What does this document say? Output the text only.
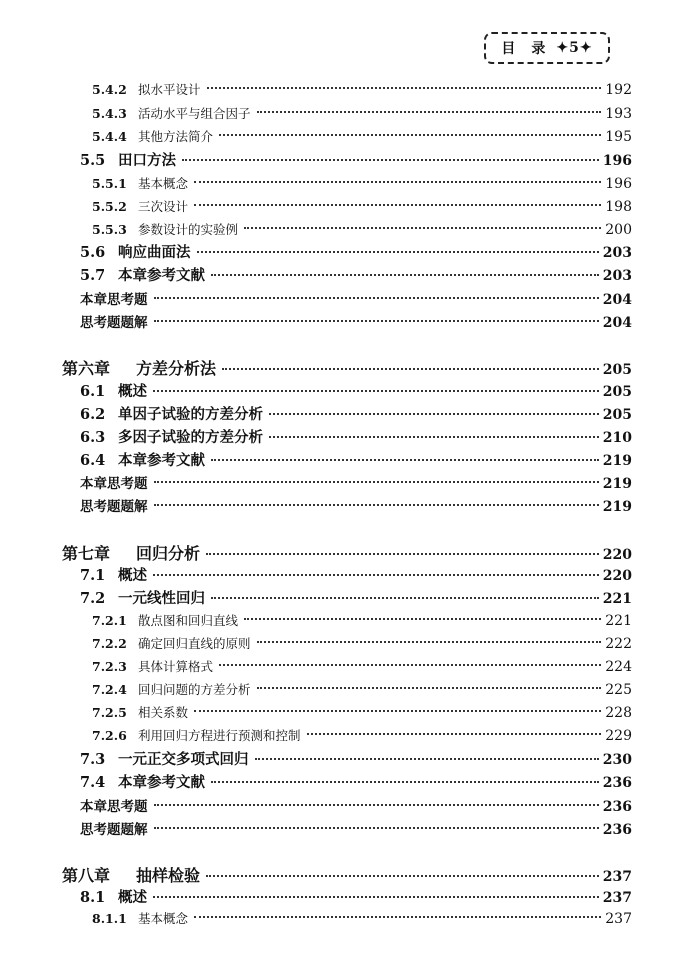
目　录 ✦5✦
5.4.2 拟水平设计	192
5.4.3 活动水平与组合因子	193
5.4.4 其他方法简介	195
5.5 田口方法	196
5.5.1 基本概念	196
5.5.2 三次设计	198
5.5.3 参数设计的实验例	200
5.6 响应曲面法	203
5.7 本章参考文献	203
本章思考题	204
思考题题解	204
第六章	方差分析法	205
6.1 概述	205
6.2 单因子试验的方差分析	205
6.3 多因子试验的方差分析	210
6.4 本章参考文献	219
本章思考题	219
思考题题解	219
第七章	回归分析	220
7.1 概述	220
7.2 一元线性回归	221
7.2.1 散点图和回归直线	221
7.2.2 确定回归直线的原则	222
7.2.3 具体计算格式	224
7.2.4 回归问题的方差分析	225
7.2.5 相关系数	228
7.2.6 利用回归方程进行预测和控制	229
7.3 一元正交多项式回归	230
7.4 本章参考文献	236
本章思考题	236
思考题题解	236
第八章	抽样检验	237
8.1 概述	237
8.1.1 基本概念	237
